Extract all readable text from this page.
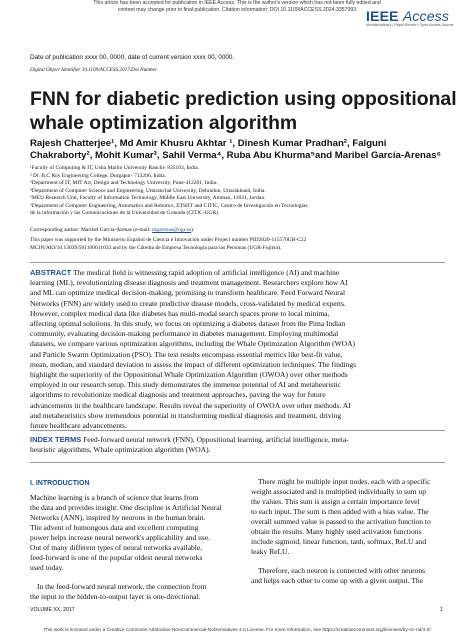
This article has been accepted for publication in IEEE Access. This is the author's version which has not been fully edited and
content may change prior to final publication. Citation information: DOI 10.1109/ACCESS.2024.3357993 IEEE Access
Multidisciplinary | Rapid Review | Open Access Journal
Date of publication xxxx 00, 0000, date of current version xxxx 00, 0000.
Digital Object Identifier 10.1109/ACCESS.2017.Doi Number
FNN for diabetic prediction using oppositional
whale optimization algorithm
Rajesh Chatterjee¹, Md Amir Khusru Akhtar ¹, Dinesh Kumar Pradhan², Falguni
Chakraborty², Mohit Kumar³, Sahil Verma⁴, Ruba Abu Khurma⁵and Maribel García-Arenas⁶
¹Faculty of Computing & IT, Usha Martin University Ranchi- 835103, India.
² Dr. B.C Roy Engineering College, Durgapur- 713206, India.
³Department of IT, MIT Art, Design and Technology University, Pune-412201, India.
⁴Department of Computer Science and Engineering, Uttaranchal University, Dehradun, Uttarakhand, India.
⁵MEU Research Unit, Faculty of Information Technology, Middle East University, Amman, 11831, Jordan.
⁶Department of Computer Engineering, Automatics and Robotics, ETSIIT and CITIC, Centro de Investigación en Tecnologías
de la información y las Comunicaciones de la Universidad de Granada (CITIC-UGR).
Corresponding author: Maribel Garcia-Arenas (e-mail: mgarenas@ugr.es).
This paper was supported by the Ministerio Español de Ciencia e Innovación under Project number PID2020-115570GB-C22
MCIN/AEI/10.13039/501100011033 and by the Cátedra de Empresa Tecnología para las Personas (UGR-Fujitsu).
ABSTRACT The medical field is witnessing rapid adoption of artificial intelligence (AI) and machine
learning (ML), revolutionizing disease diagnosis and treatment management. Researchers explore how AI
and ML can optimize medical decision-making, promising to transform healthcare. Feed Forward Neural
Networks (FNN) are widely used to create predictive disease models, cross-validated by medical experts.
However, complex medical data like diabetes has multi-modal search spaces prone to local minima,
affecting optimal solutions. In this study, we focus on optimizing a diabetes dataset from the Pima Indian
community, evaluating decision-making performance in diabetes management. Employing multimodal
datasets, we compare various optimization algorithms, including the Whale Optimization Algorithm (WOA)
and Particle Swarm Optimization (PSO). The test results encompass essential metrics like best-fit value,
mean, median, and standard deviation to assess the impact of different optimization techniques. The findings
highlight the superiority of the Oppositional Whale Optimization Algorithm (OWOA) over other methods
employed in our research setup. This study demonstrates the immense potential of AI and metaheuristic
algorithms to revolutionize medical diagnosis and treatment approaches, paving the way for future
advancements in the healthcare landscape. Results reveal the superiority of OWOA over other methods. AI
and metaheuristics show tremendous potential in transforming medical diagnosis and treatment, driving
future healthcare advancements.
INDEX TERMS Feed-forward neural network (FNN), Oppositional learning, artificial intelligence, meta-
heuristic algorithms, Whale optimization algorithm (WOA).
I. INTRODUCTION
Machine learning is a branch of science that learns from
the data and provides insight. One discipline is Artificial Neural
Networks (ANN), inspired by neurons in the human brain.
The advent of humongous data and excellent computing
power helps increase neural network's applicability and use.
Out of many different types of neural networks available,
feed-forward is one of the popular oldest neural networks
used today.
In the feed-forward neural network, the connection from
the input to the hidden-to-output layer is one-directional.
There might be multiple input nodes, each with a specific
weight associated and is multiplied individually to sum up
the values. This sum is assign a certain importance level
to each input. The sum is then added with a bias value. The
overall summed value is passed to the activation function to
obtain the results. Many highly used activation functions
include sigmoid, linear function, tanh, softmax, ReLU and
leaky ReLU.
Therefore, each neuron is connected with other neurons
and helps each other to come up with a given output. The
VOLUME XX, 2017	1
This work is licensed under a Creative Commons Attribution-NonCommercial-NoDerivatives 4.0 License. For more information, see https://creativecommons.org/licenses/by-nc-nd/4.0/
